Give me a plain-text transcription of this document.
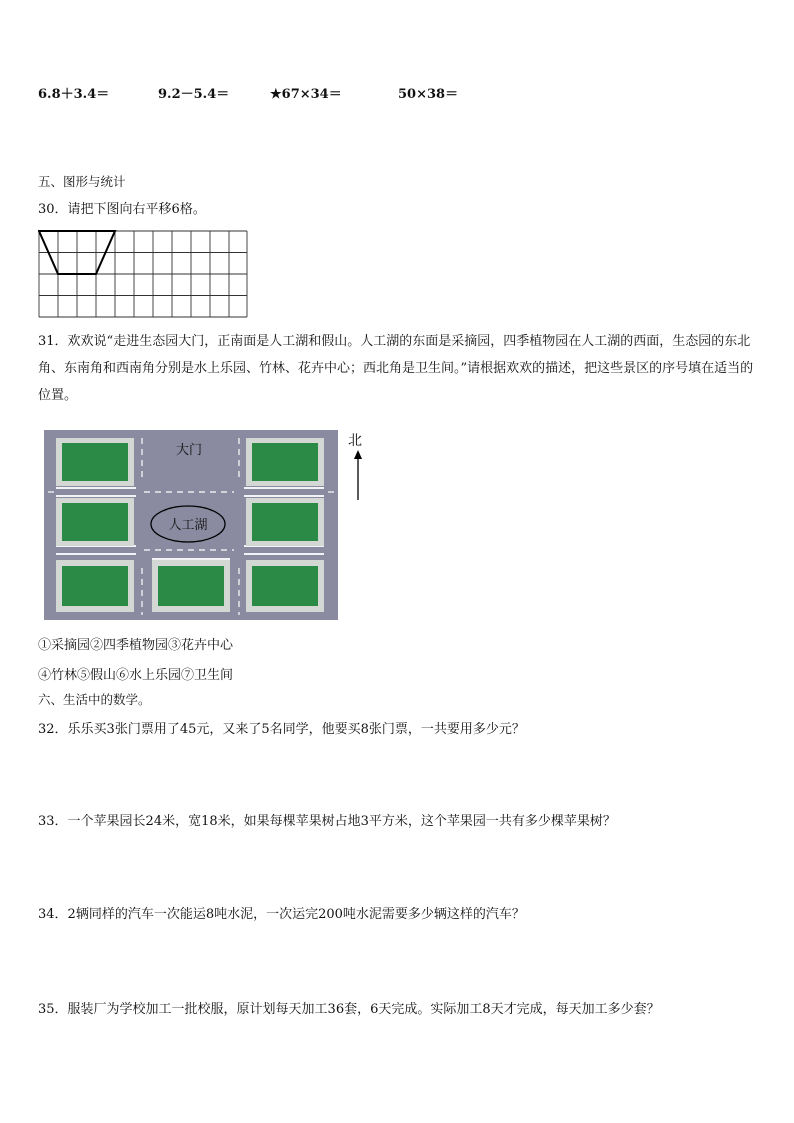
6.8＋3.4＝	9.2－5.4＝	★67×34＝	50×38＝
五、图形与统计
30．请把下图向右平移6格。
31．欢欢说“走进生态园大门，正南面是人工湖和假山。人工湖的东面是采摘园，四季植物园在人工湖的西面，生态园的东北角、东南角和西南角分别是水上乐园、竹林、花卉中心；西北角是卫生间。”请根据欢欢的描述，把这些景区的序号填在适当的位置。
人工湖
大门
北
①采摘园②四季植物园③花卉中心
④竹林⑤假山⑥水上乐园⑦卫生间
六、生活中的数学。
32．乐乐买3张门票用了45元，又来了5名同学，他要买8张门票，一共要用多少元？
33．一个苹果园长24米，宽18米，如果每棵苹果树占地3平方米，这个苹果园一共有多少棵苹果树？
34．2辆同样的汽车一次能运8吨水泥，一次运完200吨水泥需要多少辆这样的汽车？
35．服装厂为学校加工一批校服，原计划每天加工36套，6天完成。实际加工8天才完成，每天加工多少套？
